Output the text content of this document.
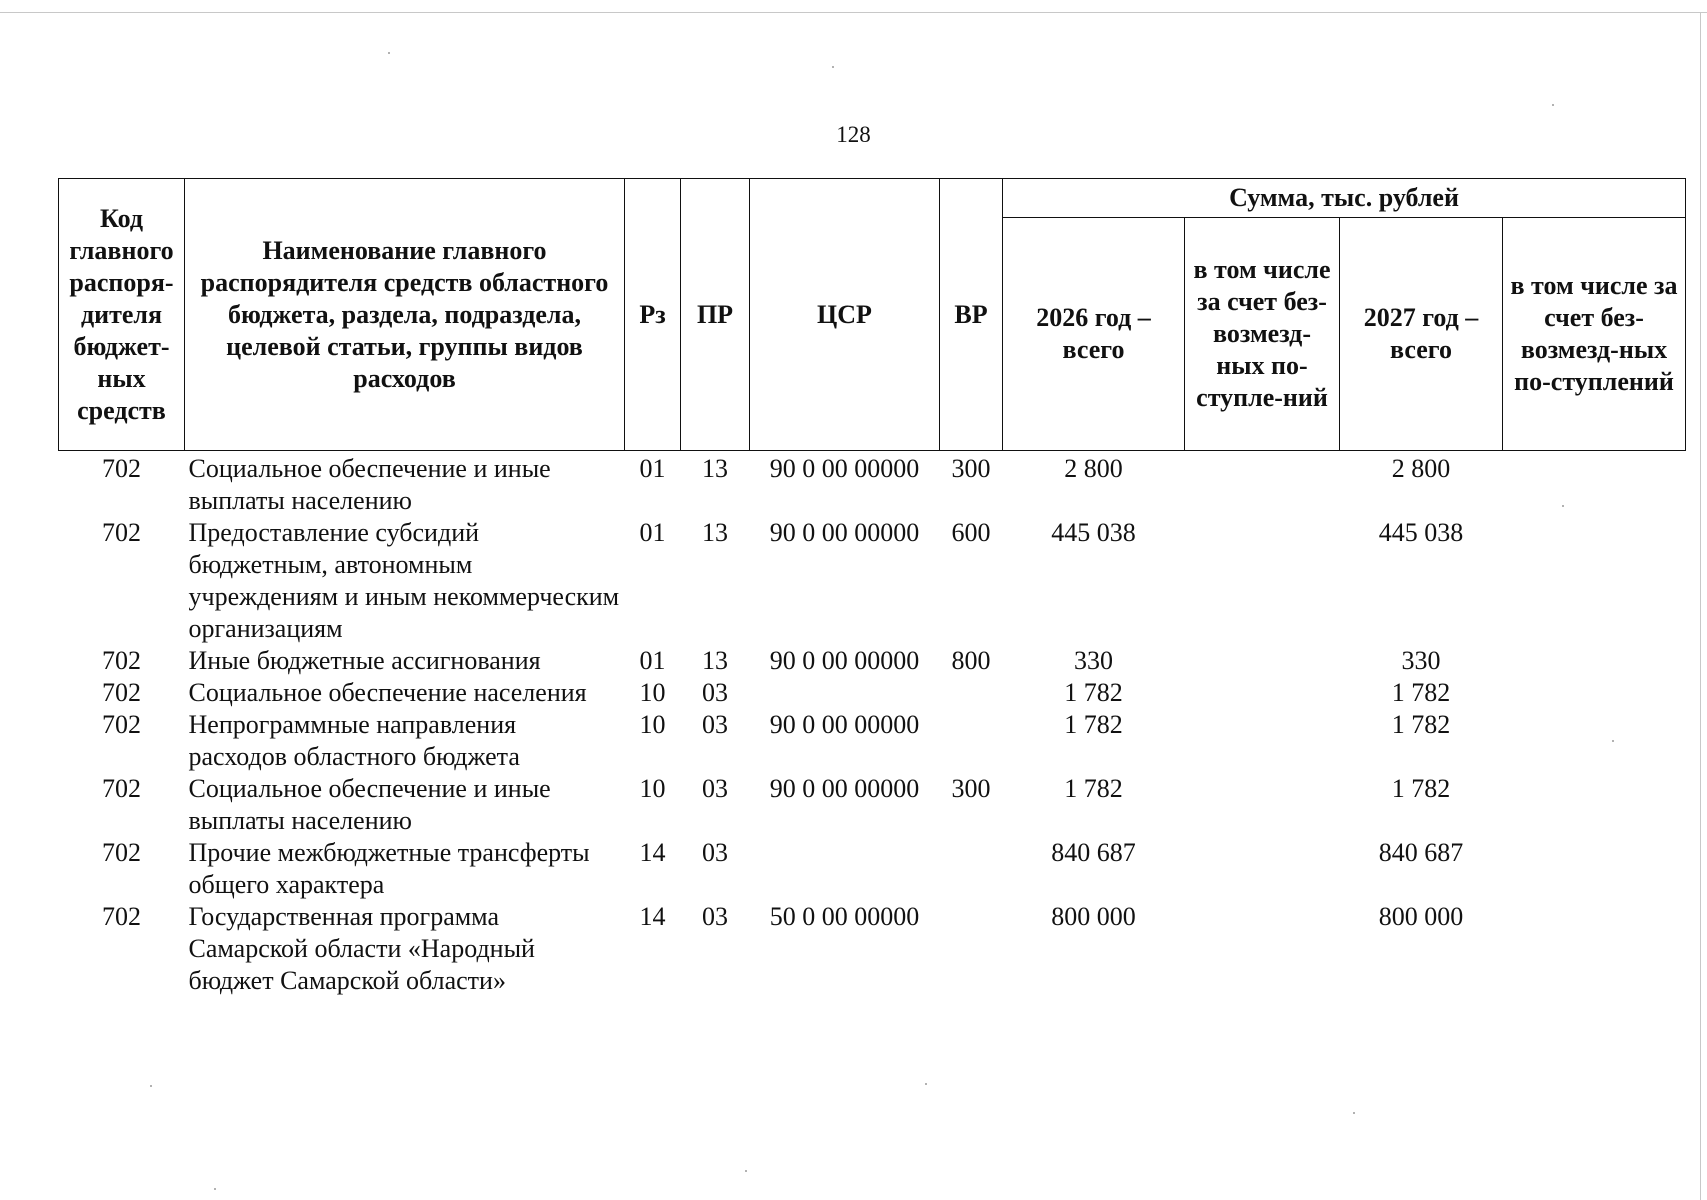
128
Код главного распоря-дителя бюджет-ных средств	Наименование главного распорядителя средств областного бюджета, раздела, подраздела, целевой статьи, группы видов расходов	Рз	ПР	ЦСР	ВР	Сумма, тыс. рублей			
						2026 год – всего	в том числе за счет без-возмезд-ных по-ступле-ний	2027 год – всего	в том числе за счет без-возмезд-ных по-ступлений
702	Социальное обеспечение и иные выплаты населению	01	13	90 0 00 00000	300	2 800		2 800	
702	Предоставление субсидий бюджетным, автономным учреждениям и иным некоммерческим организациям	01	13	90 0 00 00000	600	445 038		445 038	
702	Иные бюджетные ассигнования	01	13	90 0 00 00000	800	330		330	
702	Социальное обеспечение населения	10	03			1 782		1 782	
702	Непрограммные направления расходов областного бюджета	10	03	90 0 00 00000		1 782		1 782	
702	Социальное обеспечение и иные выплаты населению	10	03	90 0 00 00000	300	1 782		1 782	
702	Прочие межбюджетные трансферты общего характера	14	03			840 687		840 687	
702	Государственная программа Самарской области «Народный бюджет Самарской области»	14	03	50 0 00 00000		800 000		800 000	
